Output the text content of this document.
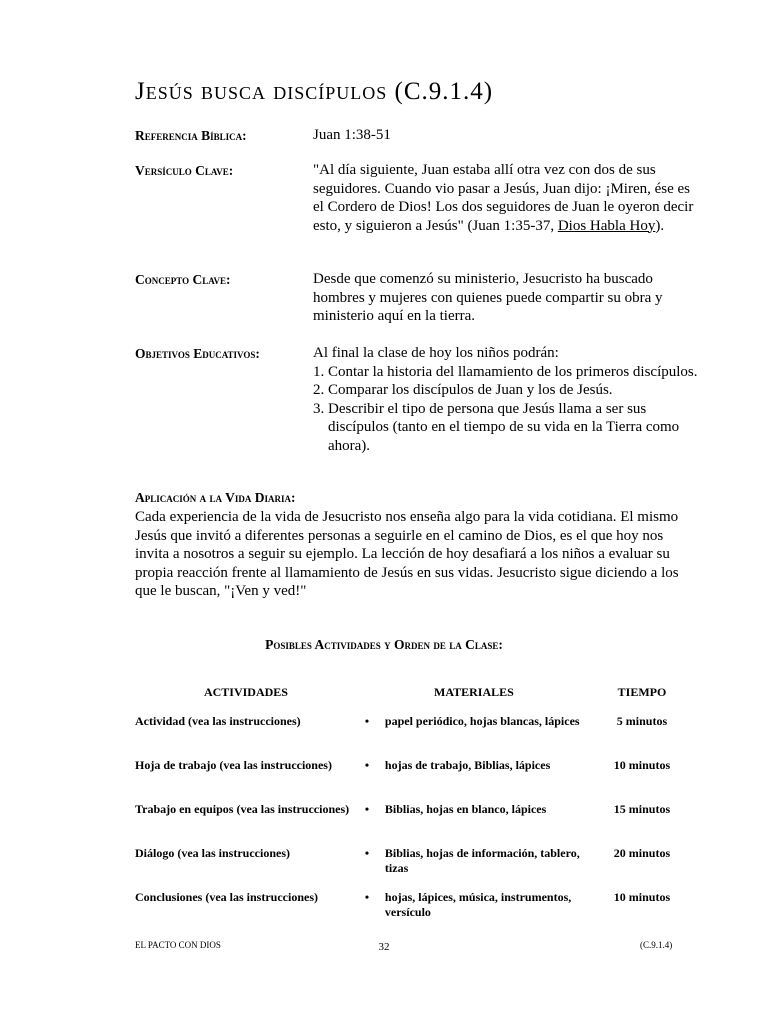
Jesús busca discípulos (C.9.1.4)
Referencia Bíblica:	Juan 1:38-51
Versículo Clave:	"Al día siguiente, Juan estaba allí otra vez con dos de sus seguidores. Cuando vio pasar a Jesús, Juan dijo: ¡Miren, ése es el Cordero de Dios! Los dos seguidores de Juan le oyeron decir esto, y siguieron a Jesús" (Juan 1:35-37, Dios Habla Hoy).
Concepto Clave:	Desde que comenzó su ministerio, Jesucristo ha buscado hombres y mujeres con quienes puede compartir su obra y ministerio aquí en la tierra.
Objetivos Educativos:	Al final la clase de hoy los niños podrán:
1. Contar la historia del llamamiento de los primeros discípulos.
2. Comparar los discípulos de Juan y los de Jesús.
3. Describir el tipo de persona que Jesús llama a ser sus discípulos (tanto en el tiempo de su vida en la Tierra como ahora).
Aplicación a la Vida Diaria:
Cada experiencia de la vida de Jesucristo nos enseña algo para la vida cotidiana. El mismo Jesús que invitó a diferentes personas a seguirle en el camino de Dios, es el que hoy nos invita a nosotros a seguir su ejemplo. La lección de hoy desafiará a los niños a evaluar su propia reacción frente al llamamiento de Jesús en sus vidas. Jesucristo sigue diciendo a los que le buscan, "¡Ven y ved!"
Posibles Actividades y Orden de la Clase:
ACTIVIDADES	MATERIALES	TIEMPO
Actividad (vea las instrucciones)	• papel periódico, hojas blancas, lápices	5 minutos
Hoja de trabajo (vea las instrucciones)	• hojas de trabajo, Biblias, lápices	10 minutos
Trabajo en equipos (vea las instrucciones)	• Biblias, hojas en blanco, lápices	15 minutos
Diálogo (vea las instrucciones)	• Biblias, hojas de información, tablero, tizas	20 minutos
Conclusiones (vea las instrucciones)	• hojas, lápices, música, instrumentos, versículo	10 minutos
EL PACTO CON DIOS	32	(C.9.1.4)
